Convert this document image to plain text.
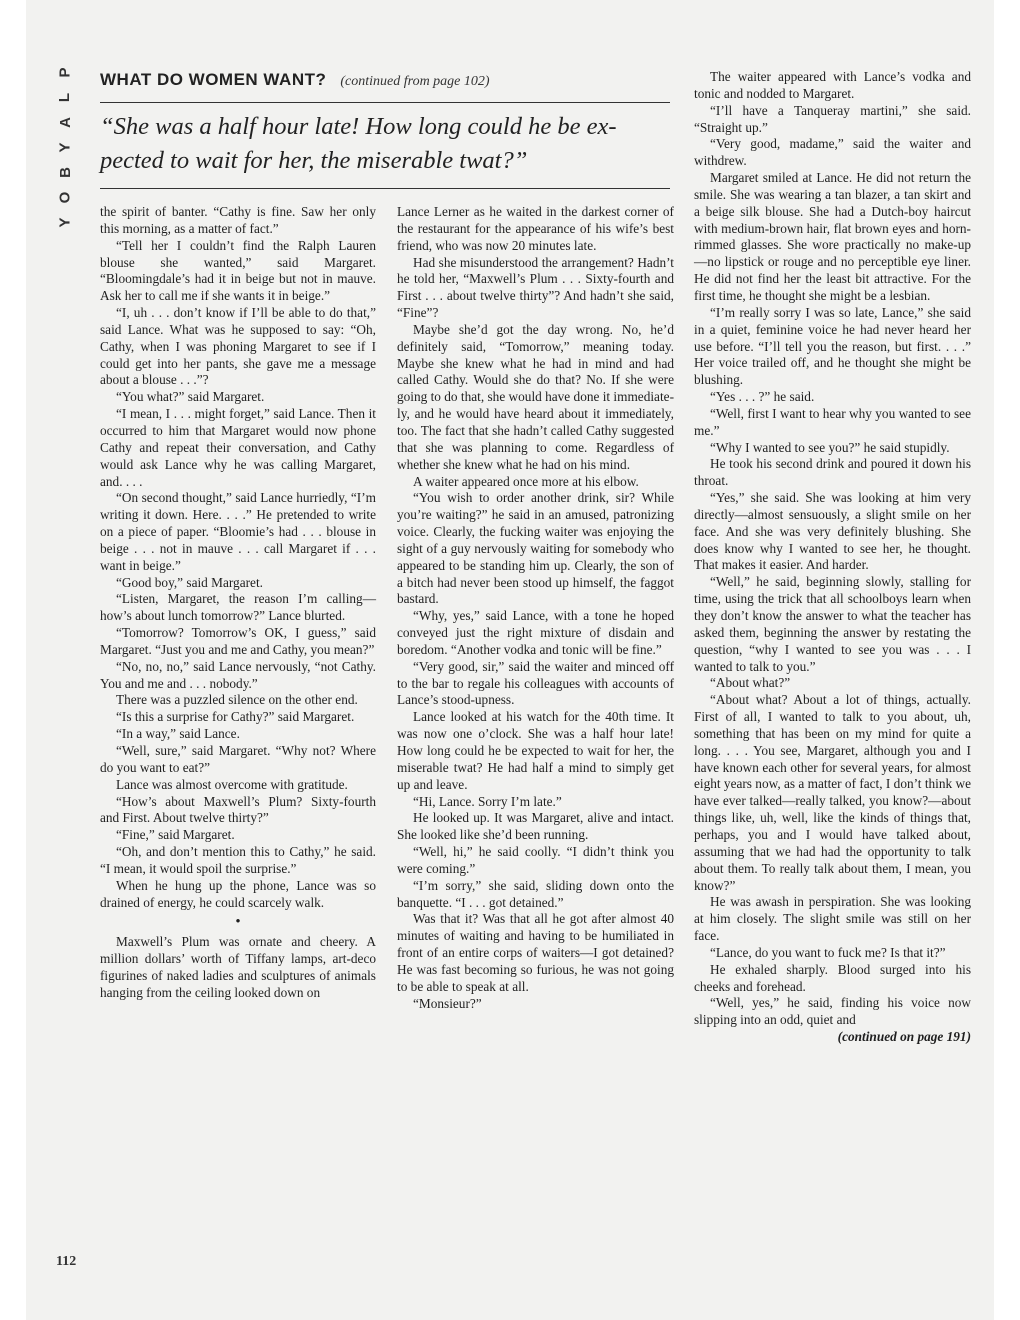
P
L
A
Y
B
O
Y
WHAT DO WOMEN WANT? (continued from page 102)
“She was a half hour late! How long could he be expected to wait for her, the miserable twat?”

the spirit of banter. “Cathy is fine. Saw her only this morning, as a matter of fact.”

“Tell her I couldn’t find the Ralph Lauren blouse she wanted,” said Margaret. “Bloomingdale’s had it in beige but not in mauve. Ask her to call me if she wants it in beige.”

“I, uh . . . don’t know if I’ll be able to do that,” said Lance. What was he supposed to say: “Oh, Cathy, when I was phoning Margaret to see if I could get into her pants, she gave me a message about a blouse . . .”?

“You what?” said Margaret.

“I mean, I . . . might forget,” said Lance. Then it occurred to him that Margaret would now phone Cathy and repeat their conversation, and Cathy would ask Lance why he was calling Margaret, and. . . .

“On second thought,” said Lance hurriedly, “I’m writing it down. Here. . . .” He pretended to write on a piece of paper. “Bloomie’s had . . . blouse in beige . . . not in mauve . . . call Margaret if . . . want in beige.”

“Good boy,” said Margaret.

“Listen, Margaret, the reason I’m calling—how’s about lunch tomorrow?” Lance blurted.

“Tomorrow? Tomorrow’s OK, I guess,” said Margaret. “Just you and me and Cathy, you mean?”

“No, no, no,” said Lance nervously, “not Cathy. You and me and . . . nobody.”

There was a puzzled silence on the other end.

“Is this a surprise for Cathy?” said Margaret.

“In a way,” said Lance.

“Well, sure,” said Margaret. “Why not? Where do you want to eat?”

Lance was almost overcome with gratitude.

“How’s about Maxwell’s Plum? Sixty-fourth and First. About twelve thirty?”

“Fine,” said Margaret.

“Oh, and don’t mention this to Cathy,” he said. “I mean, it would spoil the surprise.”

When he hung up the phone, Lance was so drained of energy, he could scarcely walk.

•

Maxwell’s Plum was ornate and cheery. A million dollars’ worth of Tiffany lamps, art-deco figurines of naked ladies and sculptures of animals hanging from the ceiling looked down on

Lance Lerner as he waited in the darkest corner of the restaurant for the appearance of his wife’s best friend, who was now 20 minutes late.

Had she misunderstood the arrangement? Hadn’t he told her, “Maxwell’s Plum . . . Sixty-fourth and First . . . about twelve thirty”? And hadn’t she said, “Fine”?

Maybe she’d got the day wrong. No, he’d definitely said, “Tomorrow,” meaning today. Maybe she knew what he had in mind and had called Cathy. Would she do that? No. If she were going to do that, she would have done it immediately, and he would have heard about it immediately, too. The fact that she hadn’t called Cathy suggested that she was planning to come. Regardless of whether she knew what he had on his mind.

A waiter appeared once more at his elbow.

“You wish to order another drink, sir? While you’re waiting?” he said in an amused, patronizing voice. Clearly, the fucking waiter was enjoying the sight of a guy nervously waiting for somebody who appeared to be standing him up. Clearly, the son of a bitch had never been stood up himself, the faggot bastard.

“Why, yes,” said Lance, with a tone he hoped conveyed just the right mixture of disdain and boredom. “Another vodka and tonic will be fine.”

“Very good, sir,” said the waiter and minced off to the bar to regale his colleagues with accounts of Lance’s stood-upness.

Lance looked at his watch for the 40th time. It was now one o’clock. She was a half hour late! How long could he be expected to wait for her, the miserable twat? He had half a mind to simply get up and leave.

“Hi, Lance. Sorry I’m late.”

He looked up. It was Margaret, alive and intact. She looked like she’d been running.

“Well, hi,” he said coolly. “I didn’t think you were coming.”

“I’m sorry,” she said, sliding down onto the banquette. “I . . . got detained.”

Was that it? Was that all he got after almost 40 minutes of waiting and having to be humiliated in front of an entire corps of waiters—I got detained? He was fast becoming so furious, he was not going to be able to speak at all.

“Monsieur?”

The waiter appeared with Lance’s vodka and tonic and nodded to Margaret.

“I’ll have a Tanqueray martini,” she said. “Straight up.”

“Very good, madame,” said the waiter and withdrew.

Margaret smiled at Lance. He did not return the smile. She was wearing a tan blazer, a tan skirt and a beige silk blouse. She had a Dutch-boy haircut with medium-brown hair, flat brown eyes and horn-rimmed glasses. She wore practically no make-up—no lipstick or rouge and no perceptible eye liner. He did not find her the least bit attractive. For the first time, he thought she might be a lesbian.

“I’m really sorry I was so late, Lance,” she said in a quiet, feminine voice he had never heard her use before. “I’ll tell you the reason, but first. . . .” Her voice trailed off, and he thought she might be blushing.

“Yes . . . ?” he said.

“Well, first I want to hear why you wanted to see me.”

“Why I wanted to see you?” he said stupidly.

He took his second drink and poured it down his throat.

“Yes,” she said. She was looking at him very directly—almost sensuously, a slight smile on her face. And she was very definitely blushing. She does know why I wanted to see her, he thought. That makes it easier. And harder.

“Well,” he said, beginning slowly, stalling for time, using the trick that all schoolboys learn when they don’t know the answer to what the teacher has asked them, beginning the answer by restating the question, “why I wanted to see you was . . . I wanted to talk to you.”

“About what?”

“About what? About a lot of things, actually. First of all, I wanted to talk to you about, uh, something that has been on my mind for quite a long. . . . You see, Margaret, although you and I have known each other for several years, for almost eight years now, as a matter of fact, I don’t think we have ever talked—really talked, you know?—about things like, uh, well, like the kinds of things that, perhaps, you and I would have talked about, assuming that we had had the opportunity to talk about them. To really talk about them, I mean, you know?”

He was awash in perspiration. She was looking at him closely. The slight smile was still on her face.

“Lance, do you want to fuck me? Is that it?”

He exhaled sharply. Blood surged into his cheeks and forehead.

“Well, yes,” he said, finding his voice now slipping into an odd, quiet and

(continued on page 191)

112
